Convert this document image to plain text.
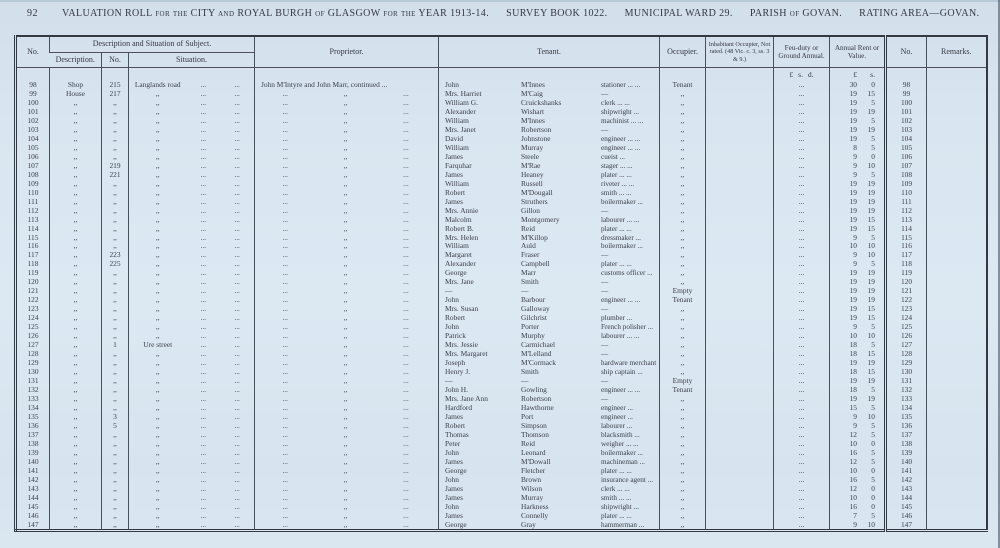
92 VALUATION ROLL for the CITY and ROYAL BURGH of GLASGOW for the YEAR 1913-14. SURVEY BOOK 1022. MUNICIPAL WARD 29. PARISH of GOVAN. RATING AREA—GOVAN.
No.	Description and Situation of Subject.			Proprietor.	Tenant.	Occupier.	Inhabitant Occupier, Not rated. (48 Vic. c. 3, ss. 3 & 9.)	Feu-duty or Ground Annual.	Annual Rent or Value.	No.	Remarks.
	Description.	No.	Situation.								
								£ s. d.	£ s.		

98	Shop	215	Langlands road ... ...	John M'Intyre and John Marr, continued ...	John M'Innes stationer ... ...	Tenant		...	30 0	98	
99	House	217	,, ... ...	... ,, ...	Mrs. Harriet M'Caig —	,,		...	19 15	99	
100	,,	,,	,, ... ...	... ,, ...	William G. Cruickshanks clerk ... ...	,,		...	19 5	100	
101	,,	,,	,, ... ...	... ,, ...	Alexander Wishart shipwright ...	,,		...	19 19	101	
102	,,	,,	,, ... ...	... ,, ...	William M'Innes machinist ... ...	,,		...	19 5	102	
103	,,	,,	,, ... ...	... ,, ...	Mrs. Janet Robertson —	,,		...	19 19	103	
104	,,	,,	,, ... ...	... ,, ...	David Johnstone engineer ... ...	,,		...	19 5	104	
105	,,	,,	,, ... ...	... ,, ...	William Murray engineer ... ...	,,		...	8 5	105	
106	,,	,,	,, ... ...	... ,, ...	James Steele cueist ...	,,		...	9 0	106	
107	,,	219	,, ... ...	... ,, ...	Farquhar M'Rae stager ... ...	,,		...	9 10	107	
108	,,	221	,, ... ...	... ,, ...	James Heaney plater ... ...	,,		...	9 5	108	
109	,,	,,	,, ... ...	... ,, ...	William Russell riveter ... ...	,,		...	19 19	109	
110	,,	,,	,, ... ...	... ,, ...	Robert M'Dougall smith ... ...	,,		...	19 19	110	
111	,,	,,	,, ... ...	... ,, ...	James Struthers boilermaker ...	,,		...	19 19	111	
112	,,	,,	,, ... ...	... ,, ...	Mrs. Annie Gillon —	,,		...	19 19	112	
113	,,	,,	,, ... ...	... ,, ...	Malcolm Montgomery labourer ... ...	,,		...	19 15	113	
114	,,	,,	,, ... ...	... ,, ...	Robert B. Reid plater ... ...	,,		...	19 15	114	
115	,,	,,	,, ... ...	... ,, ...	Mrs. Helen M'Killop dressmaker ...	,,		...	9 5	115	
116	,,	,,	,, ... ...	... ,, ...	William Auld boilermaker ...	,,		...	10 10	116	
117	,,	223	,, ... ...	... ,, ...	Margaret Fraser —	,,		...	9 10	117	
118	,,	225	,, ... ...	... ,, ...	Alexander Campbell plater ... ...	,,		...	9 5	118	
119	,,	,,	,, ... ...	... ,, ...	George Marr customs officer ...	,,		...	19 19	119	
120	,,	,,	,, ... ...	... ,, ...	Mrs. Jane Smith —	,,		...	19 19	120	
121	,,	,,	,, ... ...	... ,, ...	— — —	Empty		...	19 19	121	
122	,,	,,	,, ... ...	... ,, ...	John Barbour engineer ... ...	Tenant		...	19 19	122	
123	,,	,,	,, ... ...	... ,, ...	Mrs. Susan Galloway —	,,		...	19 15	123	
124	,,	,,	,, ... ...	... ,, ...	Robert Gilchrist plumber ...	,,		...	19 15	124	
125	,,	,,	,, ... ...	... ,, ...	John Porter French polisher ...	,,		...	9 5	125	
126	,,	,,	,, ... ...	... ,, ...	Patrick Murphy labourer ... ...	,,		...	10 10	126	
127	,,	1	Ure street ... ...	... ,, ...	Mrs. Jessie Carmichael —	,,		...	18 5	127	
128	,,	,,	,, ... ...	... ,, ...	Mrs. Margaret M'Lelland —	,,		...	18 15	128	
129	,,	,,	,, ... ...	... ,, ...	Joseph M'Cormack hardware merchant	,,		...	19 19	129	
130	,,	,,	,, ... ...	... ,, ...	Henry J. Smith ship captain ...	,,		...	18 15	130	
131	,,	,,	,, ... ...	... ,, ...	— — —	Empty		...	19 19	131	
132	,,	,,	,, ... ...	... ,, ...	John H. Gowling engineer ... ...	Tenant		...	18 5	132	
133	,,	,,	,, ... ...	... ,, ...	Mrs. Jane Ann Robertson —	,,		...	19 19	133	
134	,,	,,	,, ... ...	... ,, ...	Hardford Hawthorne engineer ...	,,		...	15 5	134	
135	,,	3	,, ... ...	... ,, ...	James Port engineer ...	,,		...	9 10	135	
136	,,	5	,, ... ...	... ,, ...	Robert Simpson labourer ...	,,		...	9 5	136	
137	,,	,,	,, ... ...	... ,, ...	Thomas Thomson blacksmith ...	,,		...	12 5	137	
138	,,	,,	,, ... ...	... ,, ...	Peter Reid weigher ... ...	,,		...	10 0	138	
139	,,	,,	,, ... ...	... ,, ...	John Leonard boilermaker ...	,,		...	16 5	139	
140	,,	,,	,, ... ...	... ,, ...	James M'Dowall machineman ...	,,		...	12 5	140	
141	,,	,,	,, ... ...	... ,, ...	George Fletcher plater ... ...	,,		...	10 0	141	
142	,,	,,	,, ... ...	... ,, ...	John Brown insurance agent ...	,,		...	16 5	142	
143	,,	,,	,, ... ...	... ,, ...	James Wilson clerk ... ...	,,		...	12 0	143	
144	,,	,,	,, ... ...	... ,, ...	James Murray smith ... ...	,,		...	10 0	144	
145	,,	,,	,, ... ...	... ,, ...	John Harkness shipwright ...	,,		...	16 0	145	
146	,,	,,	,, ... ...	... ,, ...	James Connelly plater ... ...	,,		...	7 5	146	
147	,,	,,	,, ... ...	... ,, ...	George Gray hammerman ...	,,		...	9 10	147	
